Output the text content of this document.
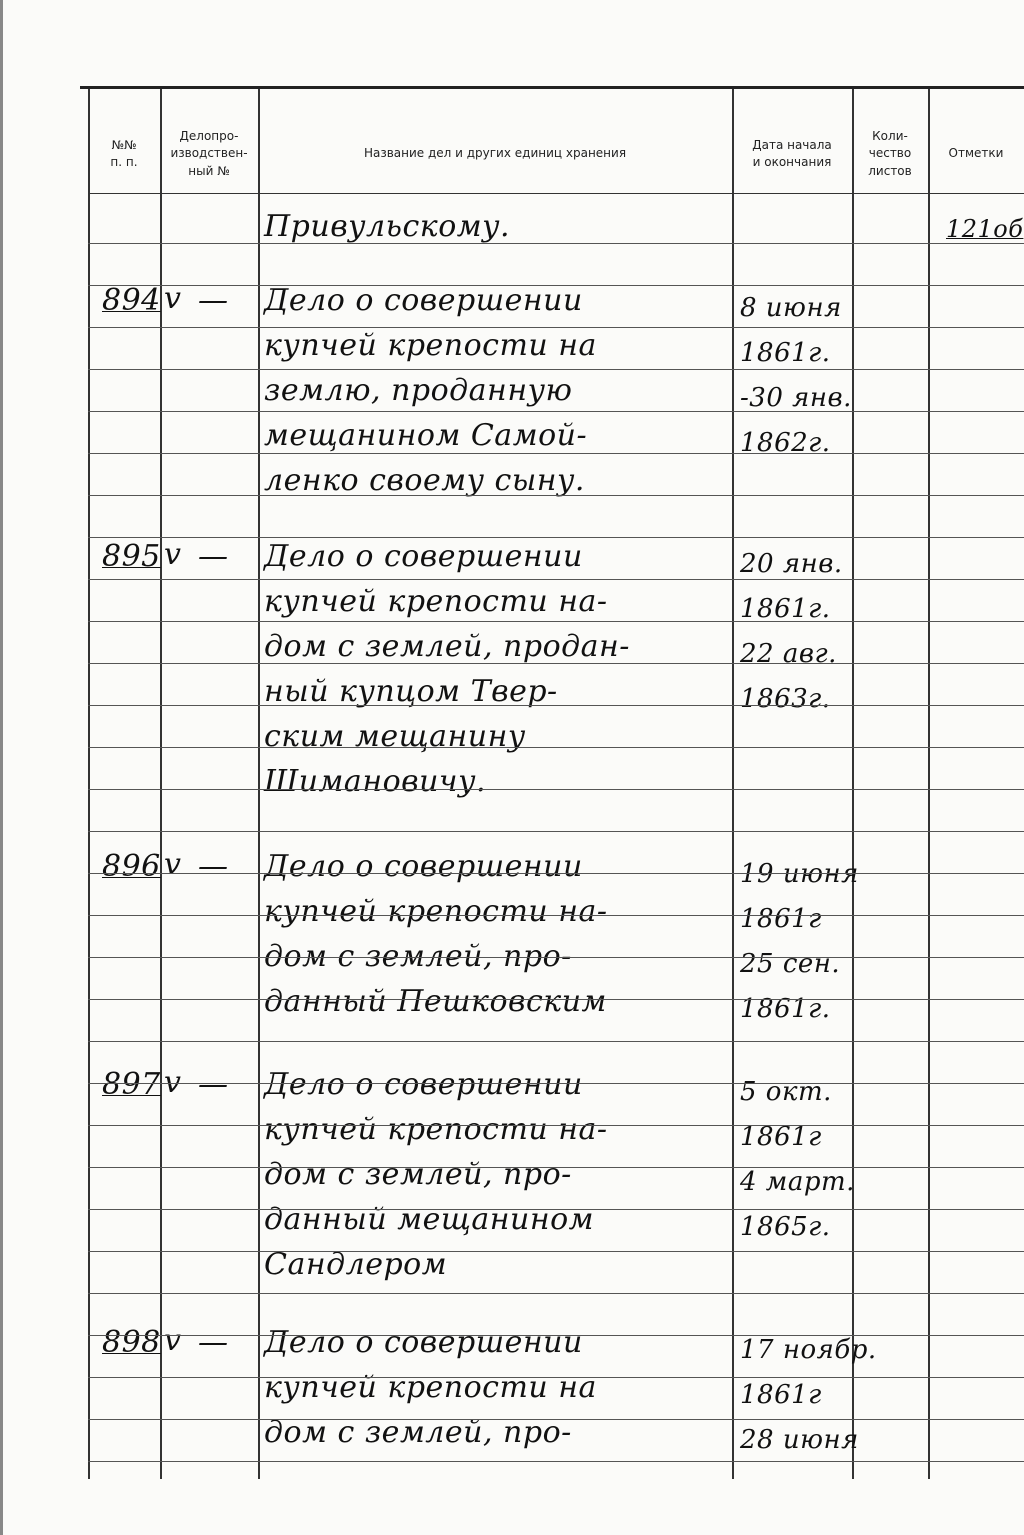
№№
п. п.
Делопро-
изводствен-
ный №
Название дел и других единиц хранения
Дата начала
и окончания
Коли-
чество
листов
Отметки
Привульскому.	121об
894 v — Дело о совершении
купчей крепости на
землю, проданную
мещанином Самой-
ленко своему сыну.
8 июня
1861г.
-30 янв.
1862г.
895 v — Дело о совершении
купчей крепости на-
дом с землей, продан-
ный купцом Твер-
ским мещанину
Шимановичу.
20 янв.
1861г.
22 авг.
1863г.
896 v — Дело о совершении
купчей крепости на-
дом с землей, про-
данный Пешковским
19 июня
1861г
25 сен.
1861г.
897 v — Дело о совершении
купчей крепости на-
дом с землей, про-
данный мещанином
Сандлером
5 окт.
1861г
4 март.
1865г.
898 v — Дело о совершении
купчей крепости на
дом с землей, про-
17 ноябр.
1861г
28 июня
